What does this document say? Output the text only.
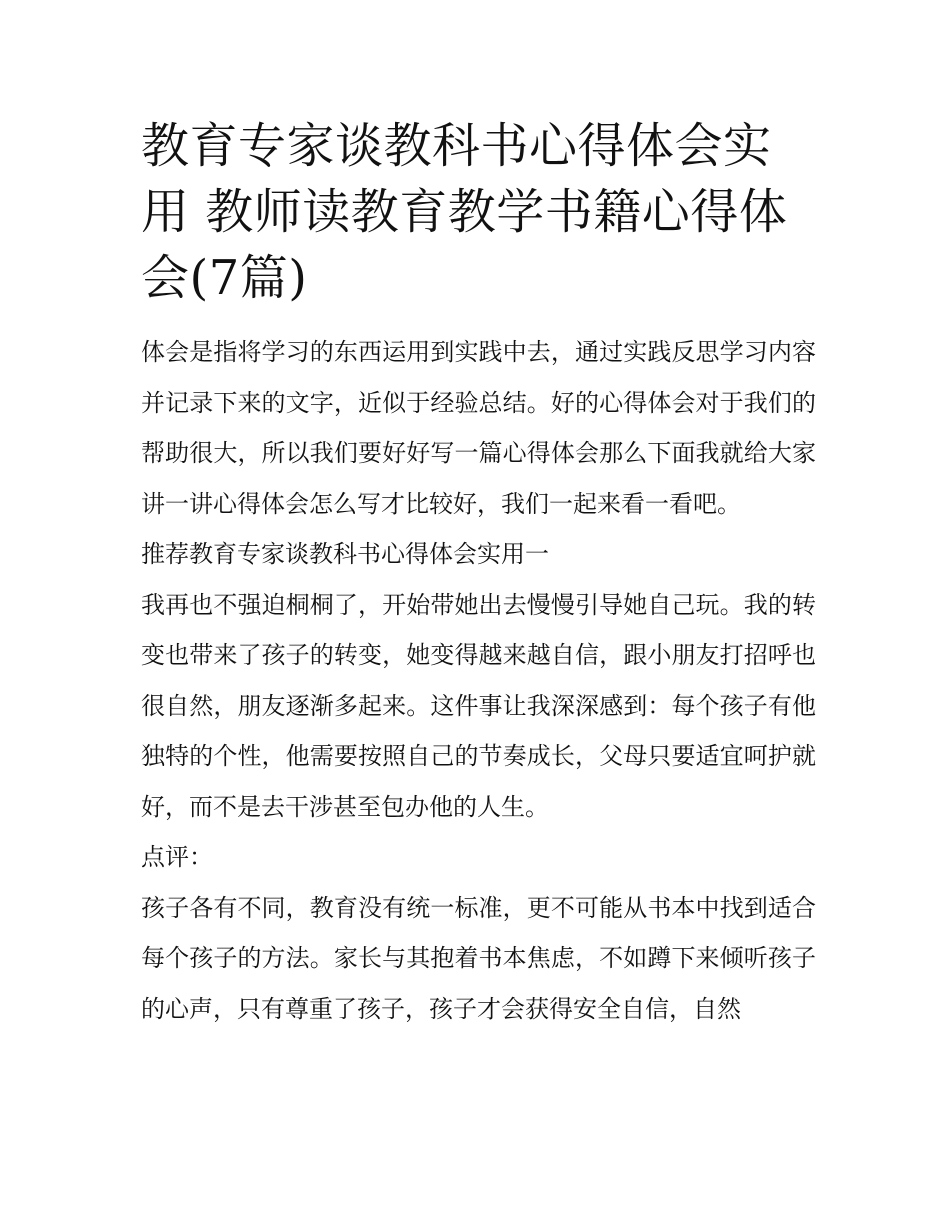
教育专家谈教科书心得体会实用 教师读教育教学书籍心得体会(7篇)

体会是指将学习的东西运用到实践中去，通过实践反思学习内容并记录下来的文字，近似于经验总结。好的心得体会对于我们的帮助很大，所以我们要好好写一篇心得体会那么下面我就给大家讲一讲心得体会怎么写才比较好，我们一起来看一看吧。

推荐教育专家谈教科书心得体会实用一

我再也不强迫桐桐了，开始带她出去慢慢引导她自己玩。我的转变也带来了孩子的转变，她变得越来越自信，跟小朋友打招呼也很自然，朋友逐渐多起来。这件事让我深深感到：每个孩子有他独特的个性，他需要按照自己的节奏成长，父母只要适宜呵护就好，而不是去干涉甚至包办他的人生。

点评：

孩子各有不同，教育没有统一标准，更不可能从书本中找到适合每个孩子的方法。家长与其抱着书本焦虑，不如蹲下来倾听孩子的心声，只有尊重了孩子，孩子才会获得安全自信，自然
